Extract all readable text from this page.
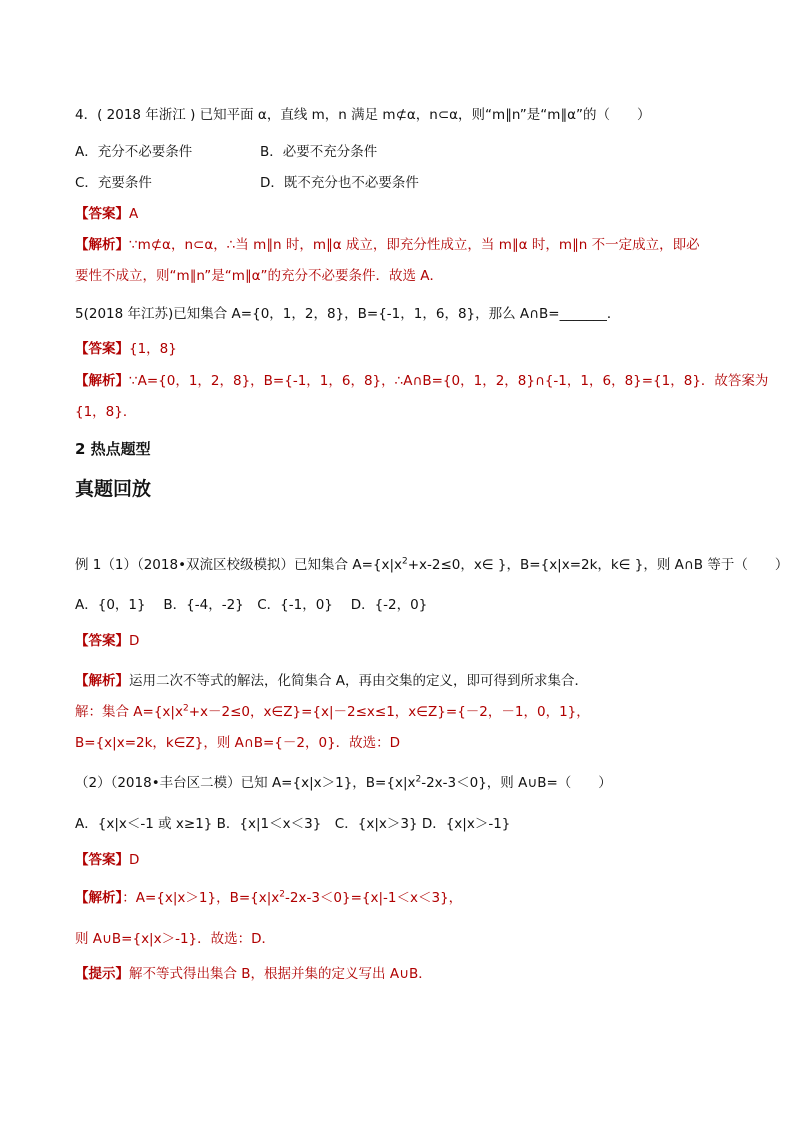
4．( 2018 年浙江 ) 已知平面 α，直线 m，n 满足 m⊄α，n⊂α，则“m∥n”是“m∥α”的（　　）
A．充分不必要条件	B．必要不充分条件
C．充要条件	D．既不充分也不必要条件
【答案】A
【解析】∵m⊄α，n⊂α，∴当 m∥n 时，m∥α 成立，即充分性成立，当 m∥α 时，m∥n 不一定成立，即必
要性不成立，则“m∥n”是“m∥α”的充分不必要条件．故选 A．
5(2018 年江苏)已知集合 A={0，1，2，8}，B={-1，1，6，8}，那么 A∩B=_______．
【答案】{1，8}
【解析】∵A={0，1，2，8}，B={-1，1，6，8}，∴A∩B={0，1，2，8}∩{-1，1，6，8}={1，8}．故答案为
{1，8}．
2 热点题型
真题回放
例 1（1）（2018•双流区校级模拟）已知集合 $A=\{x|x^2+x-2\le 0$，x∈ }，B={x|x=2k，k∈ }，则 A∩B 等于（　　）
A．{0，1}　 B．{-4，-2}　C．{-1，0}　 D．{-2，0}
【答案】D
【解析】运用二次不等式的解法，化简集合 A，再由交集的定义，即可得到所求集合．
解：集合 $A=\{x|x^2+x-2\le 0$，x∈Z}={x|－2≤x≤1，x∈Z}={－2，－1，0，1}，
B={x|x=2k，k∈Z}，则 A∩B={－2，0}．故选：D
（2）（2018•丰台区二模）已知 A={x|x＞1}，$B=\{x|x^2-2x-3<0\}$，则 A∪B=（　　）
A．{x|x＜-1 或 x≥1} B．{x|1＜x＜3}　C．{x|x＞3} D．{x|x＞-1}
【答案】D
【解析】：A={x|x＞1}，$B=\{x|x^2-2x-3<0\}=\{x|-1<x<3\}$，
则 A∪B={x|x＞-1}．故选：D．
【提示】解不等式得出集合 B，根据并集的定义写出 A∪B．
